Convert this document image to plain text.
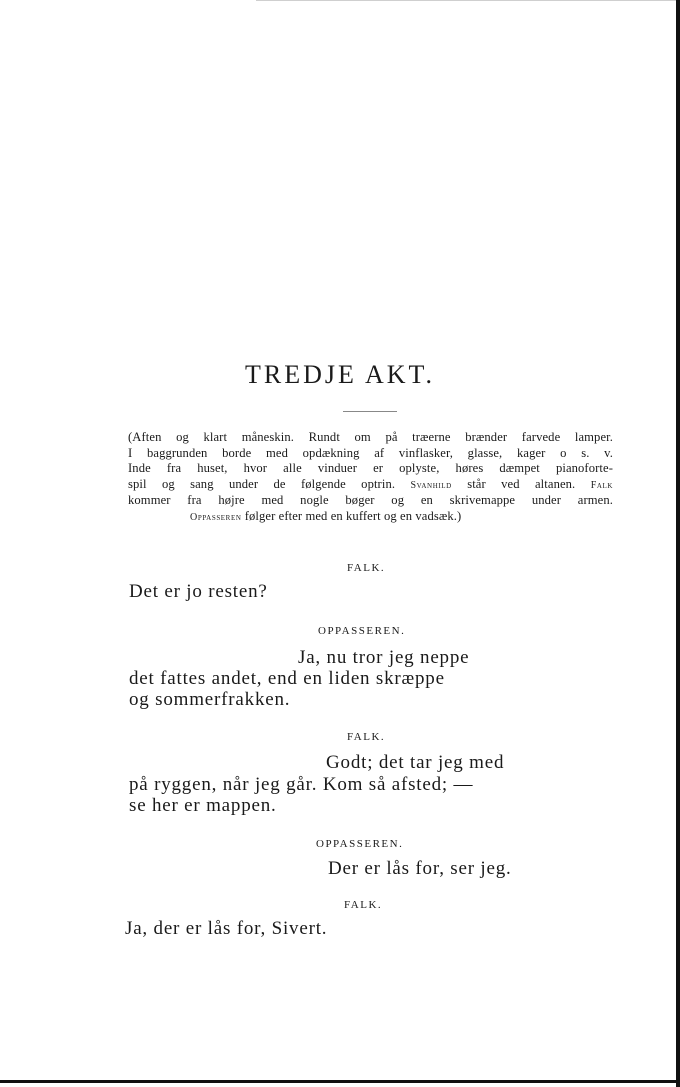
TREDJE AKT.
(Aften og klart måneskin. Rundt om på træerne brænder farvede lamper.
I baggrunden borde med opdækning af vinflasker, glasse, kager o s. v.
Inde fra huset, hvor alle vinduer er oplyste, høres dæmpet pianoforte-
spil og sang under de følgende optrin. Svanhild står ved altanen. Falk
kommer fra højre med nogle bøger og en skrivemappe under armen.
Oppasseren følger efter med en kuffert og en vadsæk.)
FALK.
Det er jo resten?
OPPASSEREN.
Ja, nu tror jeg neppe
det fattes andet, end en liden skræppe
og sommerfrakken.
FALK.
Godt; det tar jeg med
på ryggen, når jeg går. Kom så afsted; —
se her er mappen.
OPPASSEREN.
Der er lås for, ser jeg.
FALK.
Ja, der er lås for, Sivert.
